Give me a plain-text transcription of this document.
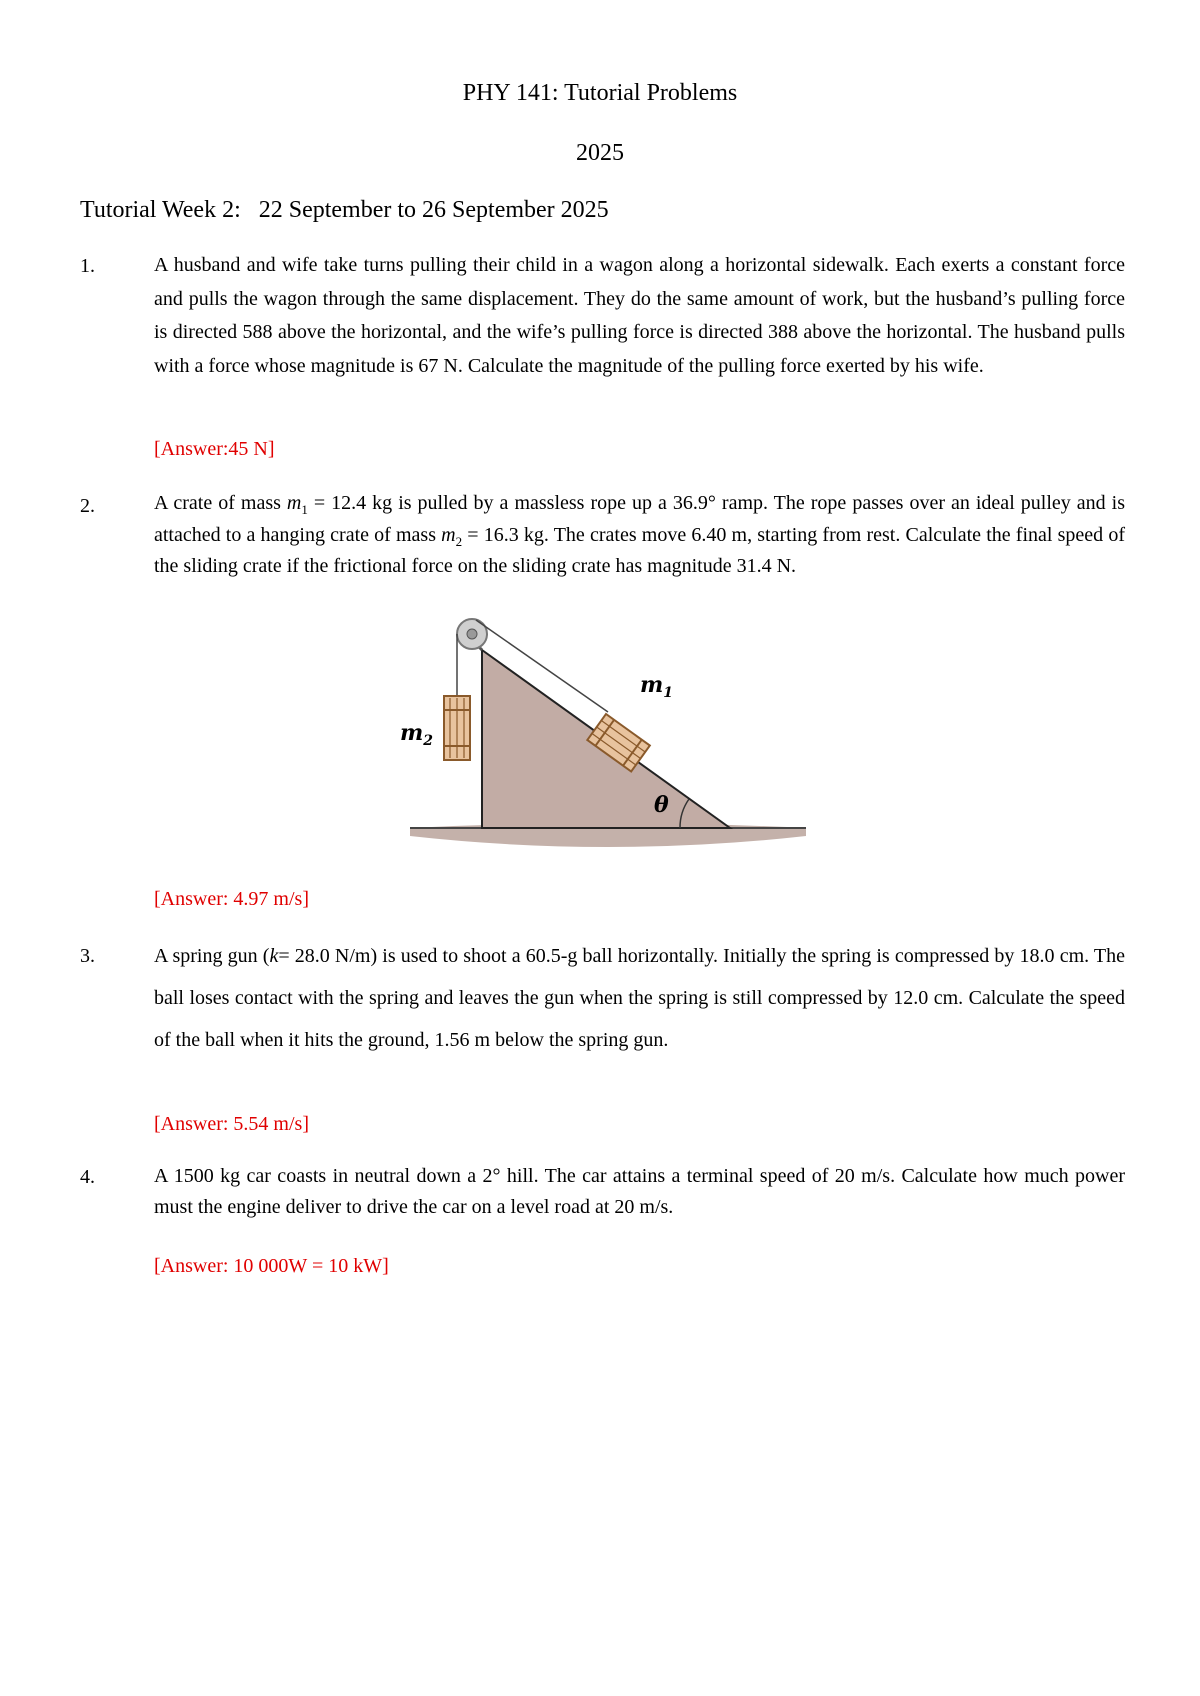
PHY 141: Tutorial Problems
2025
Tutorial Week 2:   22 September to 26 September 2025
1.	A husband and wife take turns pulling their child in a wagon along a horizontal sidewalk. Each exerts a constant force and pulls the wagon through the same displacement. They do the same amount of work, but the husband’s pulling force is directed 588 above the horizontal, and the wife’s pulling force is directed 388 above the horizontal. The husband pulls with a force whose magnitude is 67 N. Calculate the magnitude of the pulling force exerted by his wife.
[Answer:45 N]
2.	A crate of mass $m_1 = 12.4$ kg is pulled by a massless rope up a 36.9° ramp. The rope passes over an ideal pulley and is attached to a hanging crate of mass $m_2 = 16.3$ kg. The crates move 6.40 m, starting from rest. Calculate the final speed of the sliding crate if the frictional force on the sliding crate has magnitude 31.4 N.
[Answer: 4.97 m/s]
$m_1$
$m_2$
θ
3.	A spring gun (k= 28.0 N/m) is used to shoot a 60.5-g ball horizontally. Initially the spring is compressed by 18.0 cm. The ball loses contact with the spring and leaves the gun when the spring is still compressed by 12.0 cm. Calculate the speed of the ball when it hits the ground, 1.56 m below the spring gun.
[Answer: 5.54 m/s]
4.	A 1500 kg car coasts in neutral down a 2° hill. The car attains a terminal speed of 20 m/s. Calculate how much power must the engine deliver to drive the car on a level road at 20 m/s.
[Answer: 10 000W = 10 kW]
